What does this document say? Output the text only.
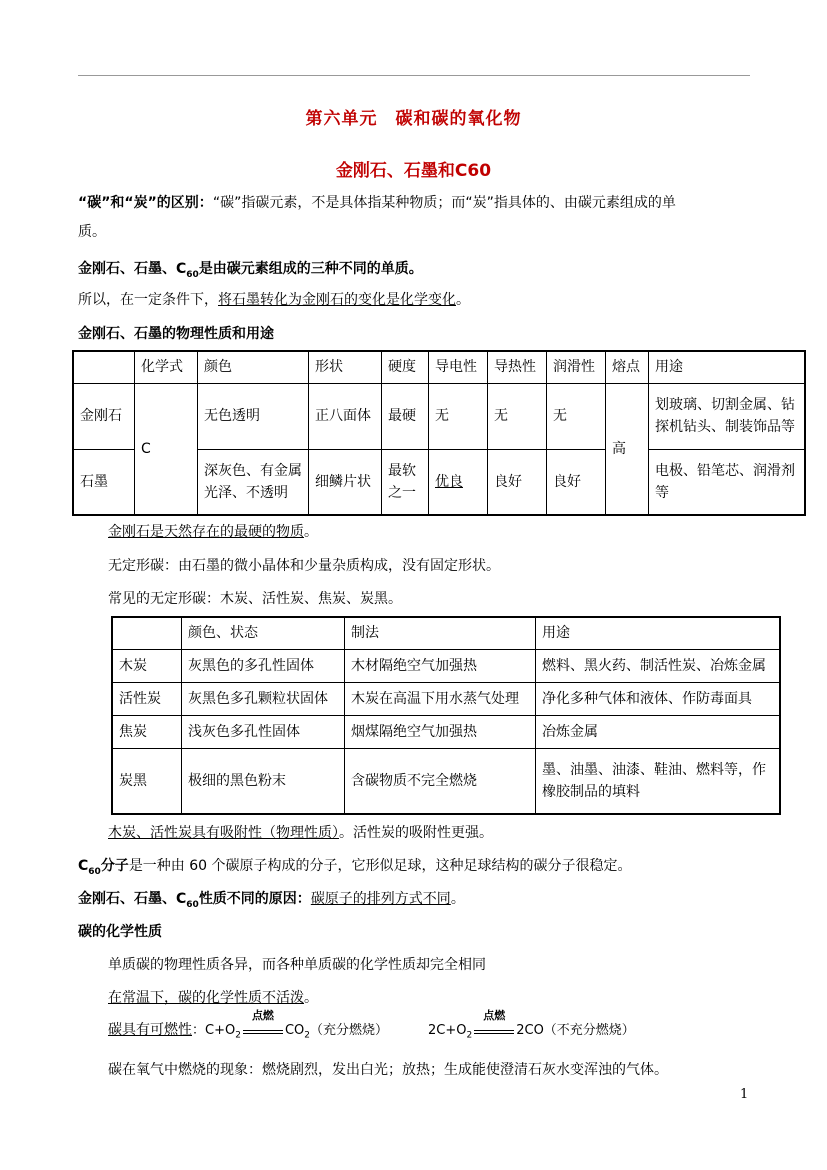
第六单元　碳和碳的氧化物
金刚石、石墨和C60
“碳”和“炭”的区别：“碳”指碳元素，不是具体指某种物质；而“炭”指具体的、由碳元素组成的单
质。
金刚石、石墨、$C_{60}$是由碳元素组成的三种不同的单质。
所以，在一定条件下，将石墨转化为金刚石的变化是化学变化。
金刚石、石墨的物理性质和用途
	化学式	颜色	形状	硬度	导电性	导热性	润滑性	熔点	用途
金刚石	C	无色透明	正八面体	最硬	无	无	无	高	划玻璃、切割金属、钻探机钻头、制装饰品等
石墨		深灰色、有金属光泽、不透明	细鳞片状	最软之一	优良	良好	良好		电极、铅笔芯、润滑剂等
金刚石是天然存在的最硬的物质。
无定形碳：由石墨的微小晶体和少量杂质构成，没有固定形状。
常见的无定形碳：木炭、活性炭、焦炭、炭黑。
	颜色、状态	制法	用途
木炭	灰黑色的多孔性固体	木材隔绝空气加强热	燃料、黑火药、制活性炭、冶炼金属
活性炭	灰黑色多孔颗粒状固体	木炭在高温下用水蒸气处理	净化多种气体和液体、作防毒面具
焦炭	浅灰色多孔性固体	烟煤隔绝空气加强热	冶炼金属
炭黑	极细的黑色粉末	含碳物质不完全燃烧	墨、油墨、油漆、鞋油、燃料等，作橡胶制品的填料
木炭、活性炭具有吸附性（物理性质）。活性炭的吸附性更强。
$C_{60}$分子是一种由 60 个碳原子构成的分子，它形似足球，这种足球结构的碳分子很稳定。
金刚石、石墨、$C_{60}$性质不同的原因：碳原子的排列方式不同。
碳的化学性质
单质碳的物理性质各异，而各种单质碳的化学性质却完全相同
在常温下，碳的化学性质不活泼。
碳具有可燃性：$C+O_2$
点燃
$CO_2$（充分燃烧）	$2C+O_2$
点燃
2CO（不充分燃烧）
碳在氧气中燃烧的现象：燃烧剧烈，发出白光；放热；生成能使澄清石灰水变浑浊的气体。
1
